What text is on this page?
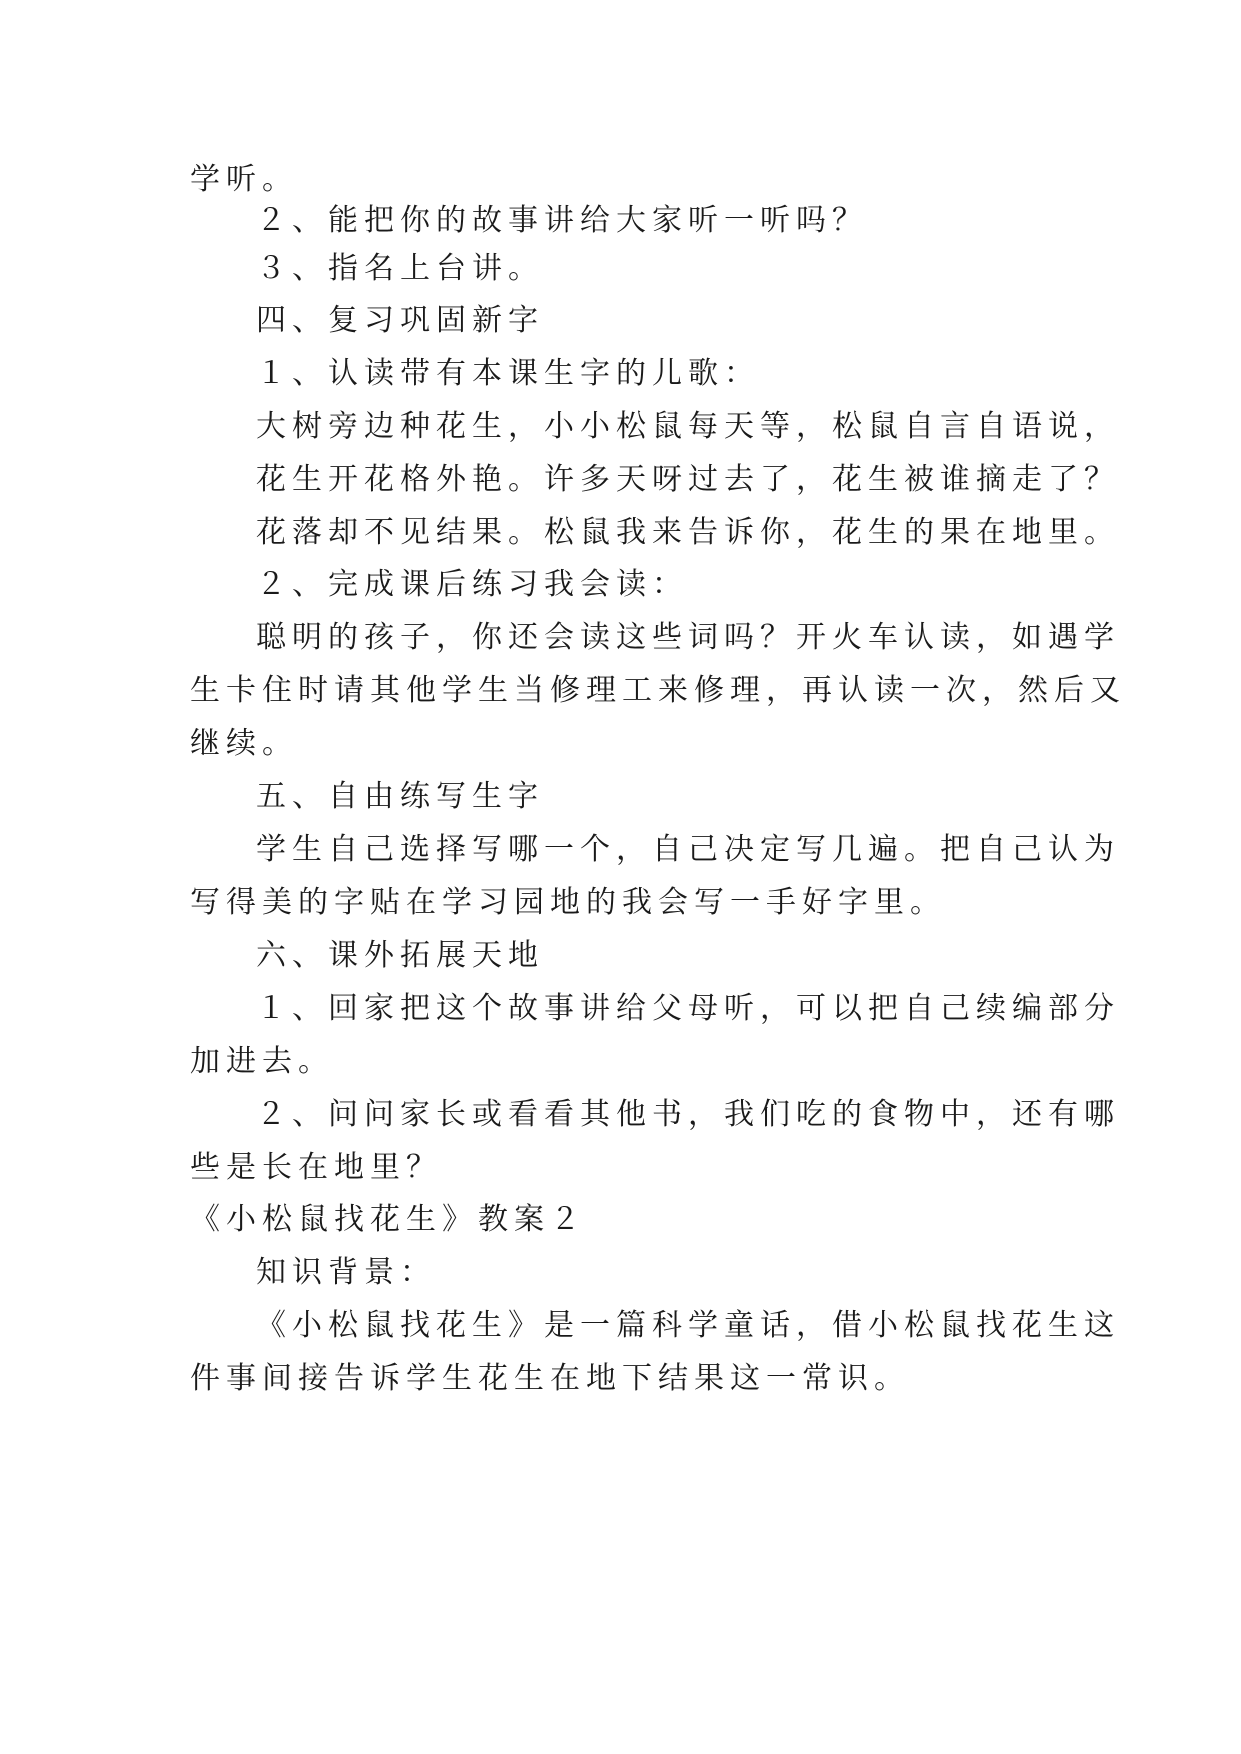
学听。
２、能把你的故事讲给大家听一听吗？
３、指名上台讲。
四、复习巩固新字
１、认读带有本课生字的儿歌：
大树旁边种花生，小小松鼠每天等，松鼠自言自语说，
花生开花格外艳。许多天呀过去了，花生被谁摘走了？
花落却不见结果。松鼠我来告诉你，花生的果在地里。
２、完成课后练习我会读：
聪明的孩子，你还会读这些词吗？开火车认读，如遇学
生卡住时请其他学生当修理工来修理，再认读一次，然后又
继续。
五、自由练写生字
学生自己选择写哪一个，自己决定写几遍。把自己认为
写得美的字贴在学习园地的我会写一手好字里。
六、课外拓展天地
１、回家把这个故事讲给父母听，可以把自己续编部分
加进去。
２、问问家长或看看其他书，我们吃的食物中，还有哪
些是长在地里？
《小松鼠找花生》教案２
知识背景：
《小松鼠找花生》是一篇科学童话，借小松鼠找花生这
件事间接告诉学生花生在地下结果这一常识。
